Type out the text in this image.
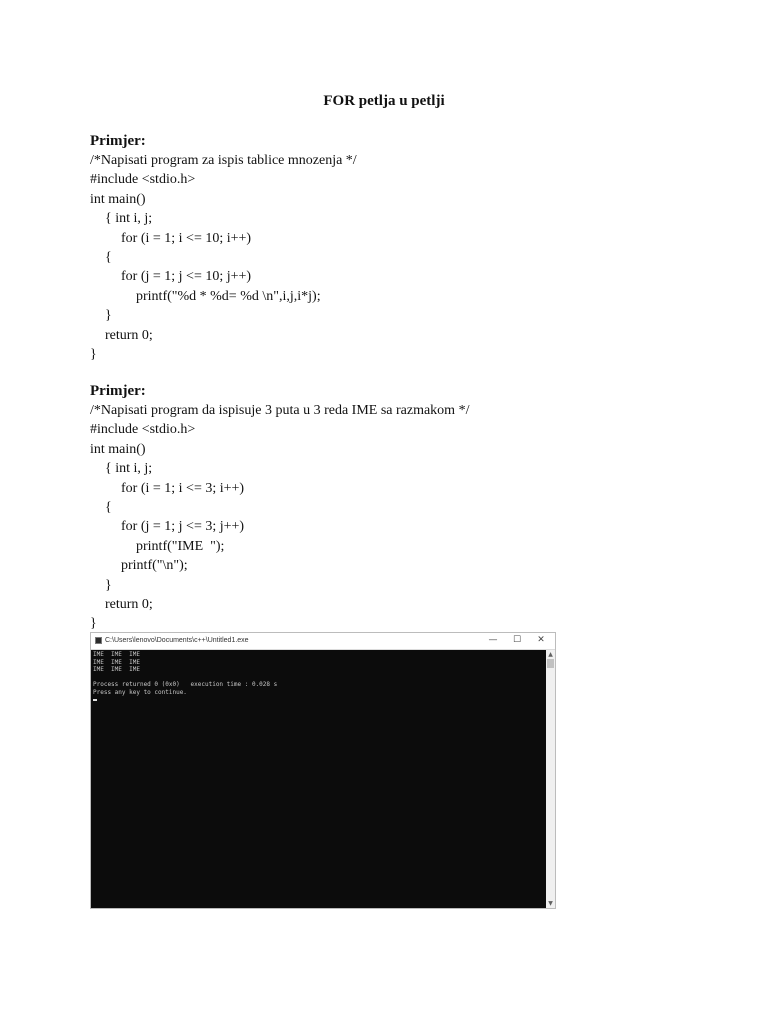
FOR petlja u petlji
Primjer:
/*Napisati program za ispis tablice mnozenja */
#include <stdio.h>
int main()
{ int i, j;
for (i = 1; i <= 10; i++)
{
for (j = 1; j <= 10; j++)
printf("%d * %d= %d \n",i,j,i*j);
}
return 0;
}
Primjer:
/*Napisati program da ispisuje 3 puta u 3 reda IME sa razmakom */
#include <stdio.h>
int main()
{ int i, j;
for (i = 1; i <= 3; i++)
{
for (j = 1; j <= 3; j++)
printf("IME  ");
printf("\n");
}
return 0;
}
C:\Users\lenovo\Documents\c++\Untitled1.exe	—	☐	✕
IME  IME  IME
IME  IME  IME
IME  IME  IME

Process returned 0 (0x0)   execution time : 0.028 s
Press any key to continue.
▲
▼
